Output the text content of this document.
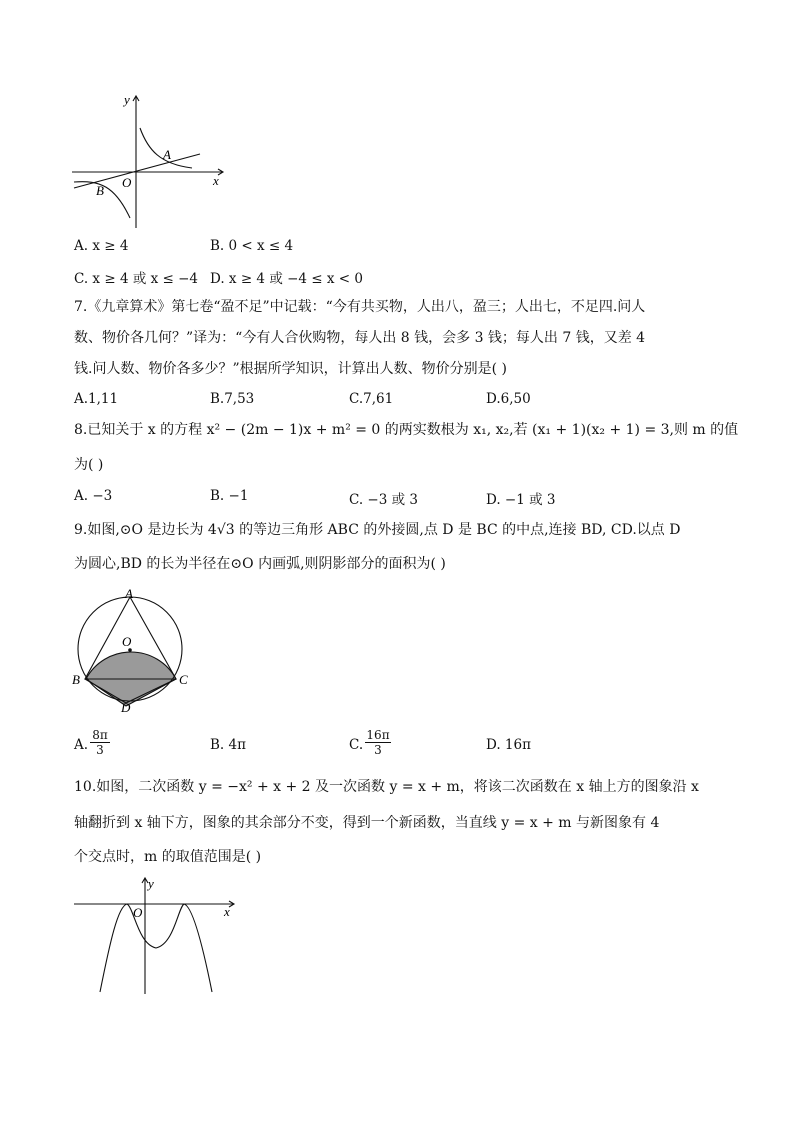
y
x
A
B
O
A. x ≥ 4	B. 0 < x ≤ 4
C. x ≥ 4 或 x ≤ −4 D. x ≥ 4 或 −4 ≤ x < 0
7.《九章算术》第七卷“盈不足”中记载：“今有共买物，人出八，盈三；人出七，不足四.问人
数、物价各几何？”译为：“今有人合伙购物，每人出 8 钱，会多 3 钱；每人出 7 钱，又差 4
钱.问人数、物价各多少？”根据所学知识，计算出人数、物价分别是( )
A.1,11	B.7,53	C.7,61	D.6,50
8.已知关于 x 的方程 x² − (2m − 1)x + m² = 0 的两实数根为 x₁, x₂,若 (x₁ + 1)(x₂ + 1) = 3,则 m 的值
为( )
A. −3	B. −1	C. −3 或 3	D. −1 或 3
9.如图,⊙O 是边长为 4√3 的等边三角形 ABC 的外接圆,点 D 是 BC 的中点,连接 BD, CD.以点 D
为圆心,BD 的长为半径在⊙O 内画弧,则阴影部分的面积为( )
A
B	C
D
O
A. $\frac{8\pi}{3}$	B. 4π	C. $\frac{16\pi}{3}$	D. 16π
10.如图，二次函数 y = −x² + x + 2 及一次函数 y = x + m，将该二次函数在 x 轴上方的图象沿 x
轴翻折到 x 轴下方，图象的其余部分不变，得到一个新函数，当直线 y = x + m 与新图象有 4
个交点时，m 的取值范围是( )
y
x
O
